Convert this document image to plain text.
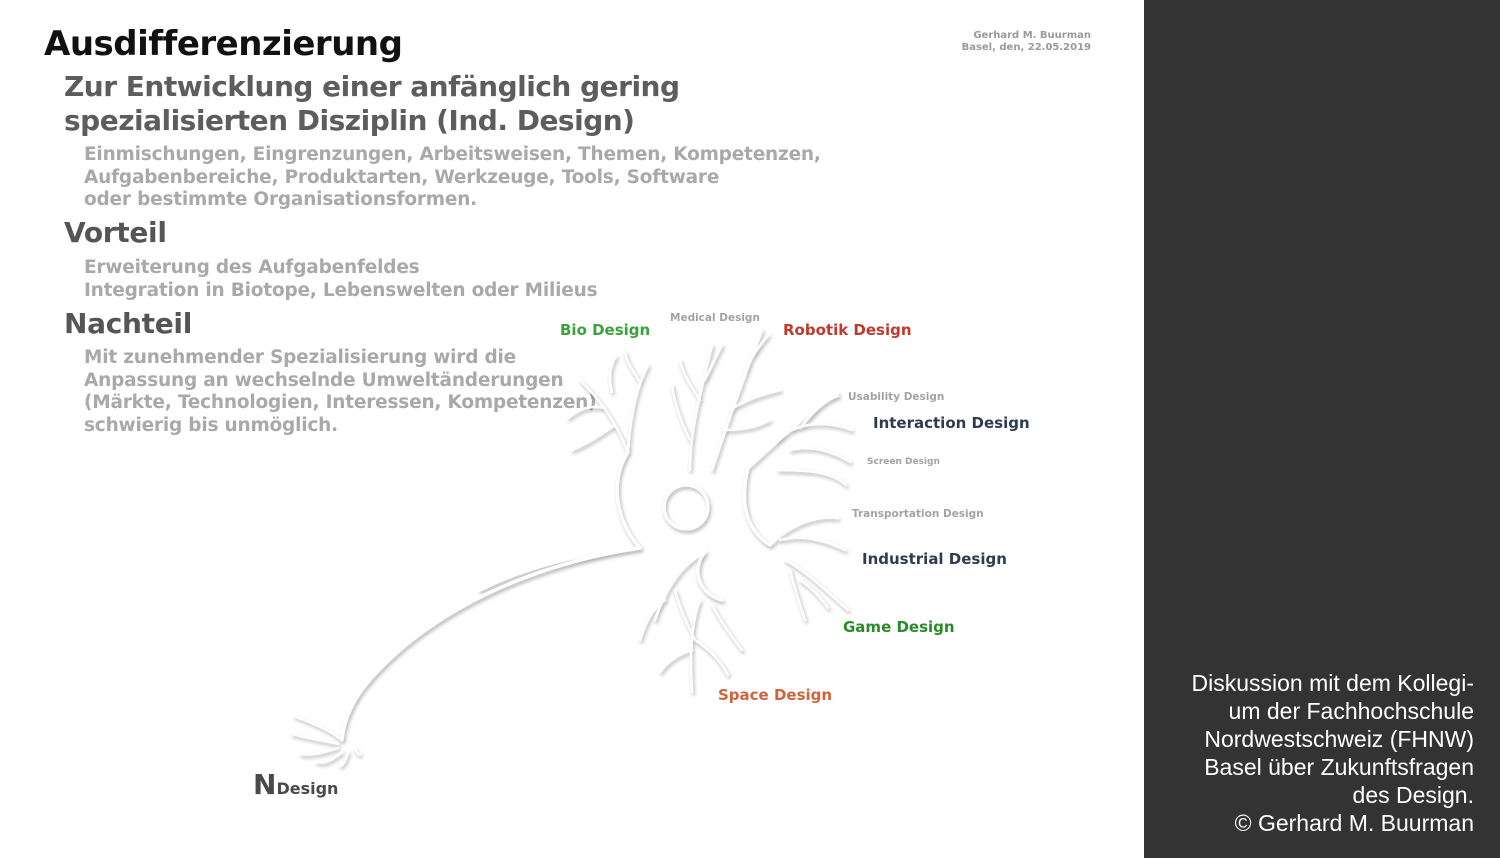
Ausdifferenzierung	Gerhard M. Buurman
Basel, den, 22.05.2019
Zur Entwicklung einer anfänglich gering
spezialisierten Disziplin (Ind. Design)

Einmischungen, Eingrenzungen, Arbeitsweisen, Themen, Kompetenzen,
Aufgabenbereiche, Produktarten, Werkzeuge, Tools, Software
oder bestimmte Organisationsformen.

Vorteil

Erweiterung des Aufgabenfeldes
Integration in Biotope, Lebenswelten oder Milieus

Nachteil

Mit zunehmender Spezialisierung wird die
Anpassung an wechselnde Umweltänderungen
(Märkte, Technologien, Interessen, Kompetenzen)
schwierig bis unmöglich.

Bio Design
Medical Design
Robotik Design
Usability Design
Interaction Design
Screen Design
Transportation Design
Industrial Design
Game Design
Space Design
NDesign
Diskussion mit dem Kollegi-
um der Fachhochschule
Nordwestschweiz (FHNW)
Basel über Zukunftsfragen
des Design.
© Gerhard M. Buurman
